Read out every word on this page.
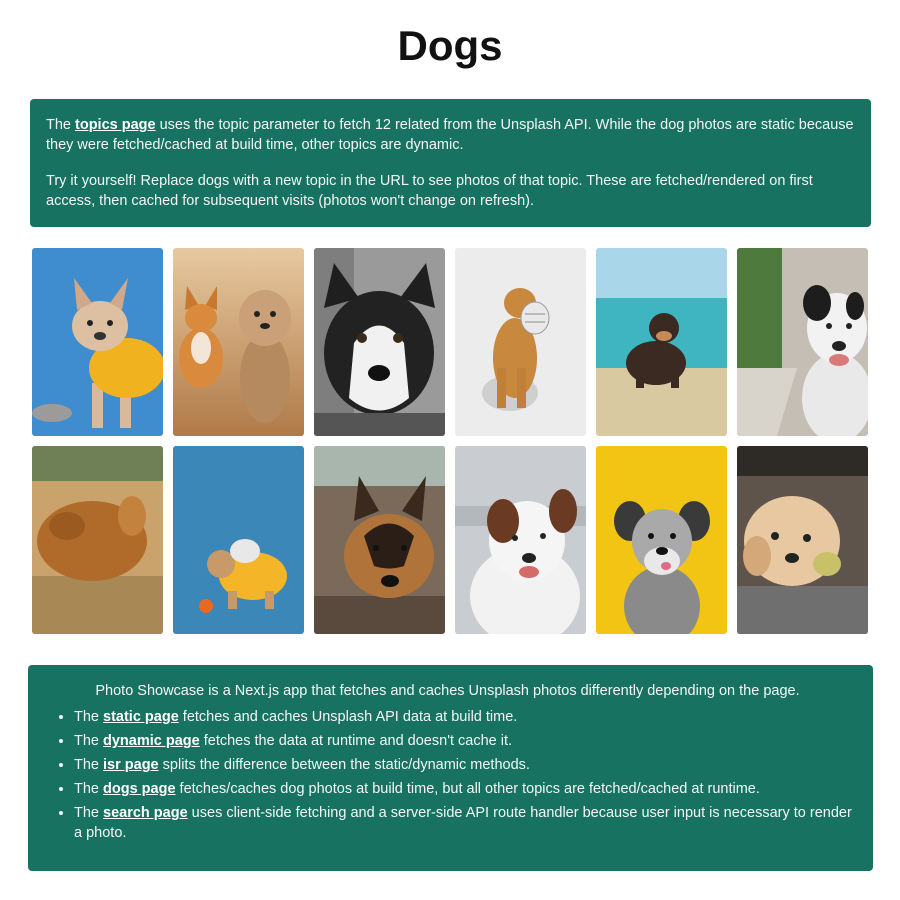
Dogs

The topics page uses the topic parameter to fetch 12 related from the Unsplash API. While the dog photos are static because they were fetched/cached at build time, other topics are dynamic.

Try it yourself! Replace dogs with a new topic in the URL to see photos of that topic. These are fetched/rendered on first access, then cached for subsequent visits (photos won't change on refresh).

Photo Showcase is a Next.js app that fetches and caches Unsplash photos differently depending on the page.

• The static page fetches and caches Unsplash API data at build time.
• The dynamic page fetches the data at runtime and doesn't cache it.
• The isr page splits the difference between the static/dynamic methods.
• The dogs page fetches/caches dog photos at build time, but all other topics are fetched/cached at runtime.
• The search page uses client-side fetching and a server-side API route handler because user input is necessary to render a photo.
